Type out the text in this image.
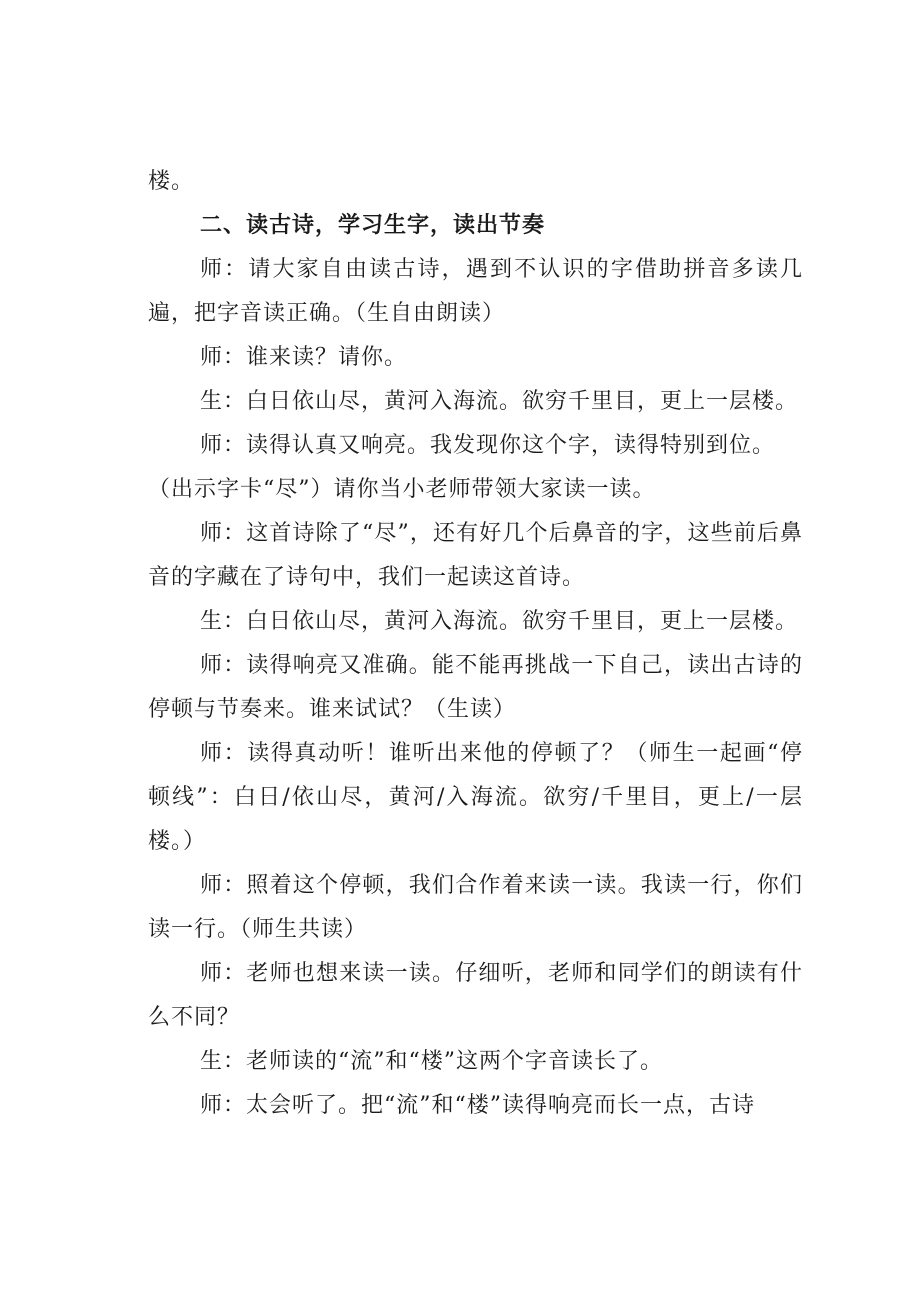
楼。

二、读古诗，学习生字，读出节奏

师：请大家自由读古诗，遇到不认识的字借助拼音多读几遍，把字音读正确。（生自由朗读）

师：谁来读？请你。

生：白日依山尽，黄河入海流。欲穷千里目，更上一层楼。

师：读得认真又响亮。我发现你这个字，读得特别到位。

（出示字卡“尽”）请你当小老师带领大家读一读。

师：这首诗除了“尽”，还有好几个后鼻音的字，这些前后鼻音的字藏在了诗句中，我们一起读这首诗。

生：白日依山尽，黄河入海流。欲穷千里目，更上一层楼。

师：读得响亮又准确。能不能再挑战一下自己，读出古诗的停顿与节奏来。谁来试试？（生读）

师：读得真动听！谁听出来他的停顿了？（师生一起画“停顿线”：白日/依山尽，黄河/入海流。欲穷/千里目，更上/一层楼。）

师：照着这个停顿，我们合作着来读一读。我读一行，你们读一行。（师生共读）

师：老师也想来读一读。仔细听，老师和同学们的朗读有什么不同？

生：老师读的“流”和“楼”这两个字音读长了。

师：太会听了。把“流”和“楼”读得响亮而长一点，古诗
